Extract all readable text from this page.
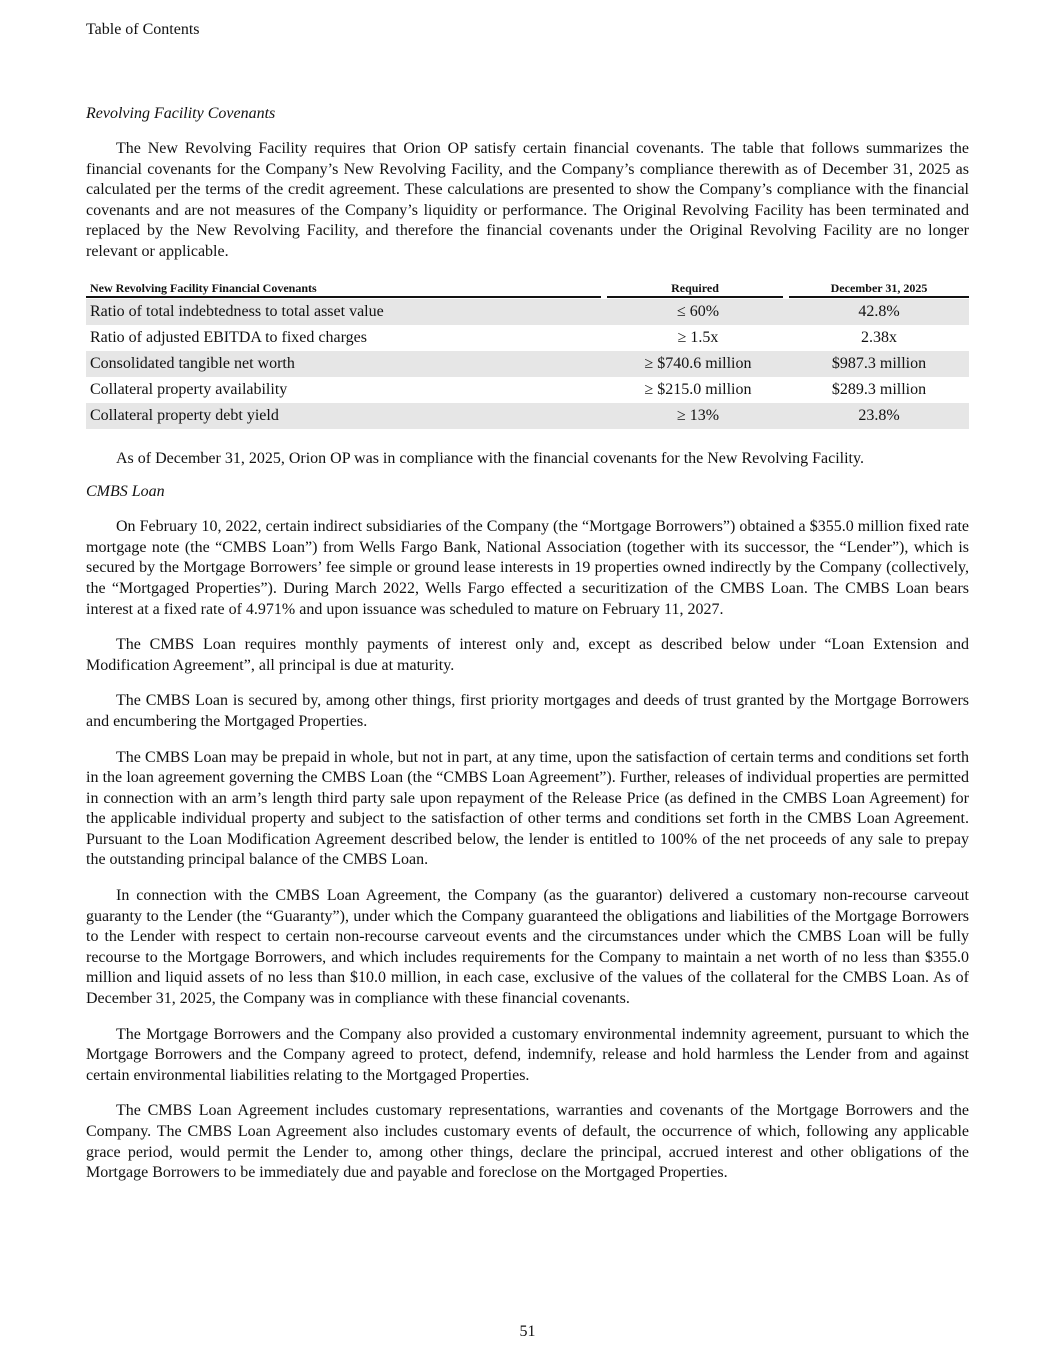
Table of Contents
Revolving Facility Covenants

The New Revolving Facility requires that Orion OP satisfy certain financial covenants. The table that follows summarizes the financial covenants for the Company’s New Revolving Facility, and the Company’s compliance therewith as of December 31, 2025 as calculated per the terms of the credit agreement. These calculations are presented to show the Company’s compliance with the financial covenants and are not measures of the Company’s liquidity or performance. The Original Revolving Facility has been terminated and replaced by the New Revolving Facility, and therefore the financial covenants under the Original Revolving Facility are no longer relevant or applicable.

New Revolving Facility Financial Covenants	Required	December 31, 2025

Ratio of total indebtedness to total asset value	≤ 60%	42.8%
Ratio of adjusted EBITDA to fixed charges	≥ 1.5x	2.38x
Consolidated tangible net worth	≥ $740.6 million	$987.3 million
Collateral property availability	≥ $215.0 million	$289.3 million
Collateral property debt yield	≥ 13%	23.8%

As of December 31, 2025, Orion OP was in compliance with the financial covenants for the New Revolving Facility.

CMBS Loan

On February 10, 2022, certain indirect subsidiaries of the Company (the “Mortgage Borrowers”) obtained a $355.0 million fixed rate mortgage note (the “CMBS Loan”) from Wells Fargo Bank, National Association (together with its successor, the “Lender”), which is secured by the Mortgage Borrowers’ fee simple or ground lease interests in 19 properties owned indirectly by the Company (collectively, the “Mortgaged Properties”). During March 2022, Wells Fargo effected a securitization of the CMBS Loan. The CMBS Loan bears interest at a fixed rate of 4.971% and upon issuance was scheduled to mature on February 11, 2027.

The CMBS Loan requires monthly payments of interest only and, except as described below under “Loan Extension and Modification Agreement”, all principal is due at maturity.

The CMBS Loan is secured by, among other things, first priority mortgages and deeds of trust granted by the Mortgage Borrowers and encumbering the Mortgaged Properties.

The CMBS Loan may be prepaid in whole, but not in part, at any time, upon the satisfaction of certain terms and conditions set forth in the loan agreement governing the CMBS Loan (the “CMBS Loan Agreement”). Further, releases of individual properties are permitted in connection with an arm’s length third party sale upon repayment of the Release Price (as defined in the CMBS Loan Agreement) for the applicable individual property and subject to the satisfaction of other terms and conditions set forth in the CMBS Loan Agreement. Pursuant to the Loan Modification Agreement described below, the lender is entitled to 100% of the net proceeds of any sale to prepay the outstanding principal balance of the CMBS Loan.

In connection with the CMBS Loan Agreement, the Company (as the guarantor) delivered a customary non-recourse carveout guaranty to the Lender (the “Guaranty”), under which the Company guaranteed the obligations and liabilities of the Mortgage Borrowers to the Lender with respect to certain non-recourse carveout events and the circumstances under which the CMBS Loan will be fully recourse to the Mortgage Borrowers, and which includes requirements for the Company to maintain a net worth of no less than $355.0 million and liquid assets of no less than $10.0 million, in each case, exclusive of the values of the collateral for the CMBS Loan. As of December 31, 2025, the Company was in compliance with these financial covenants.

The Mortgage Borrowers and the Company also provided a customary environmental indemnity agreement, pursuant to which the Mortgage Borrowers and the Company agreed to protect, defend, indemnify, release and hold harmless the Lender from and against certain environmental liabilities relating to the Mortgaged Properties.

The CMBS Loan Agreement includes customary representations, warranties and covenants of the Mortgage Borrowers and the Company. The CMBS Loan Agreement also includes customary events of default, the occurrence of which, following any applicable grace period, would permit the Lender to, among other things, declare the principal, accrued interest and other obligations of the Mortgage Borrowers to be immediately due and payable and foreclose on the Mortgaged Properties.

51
